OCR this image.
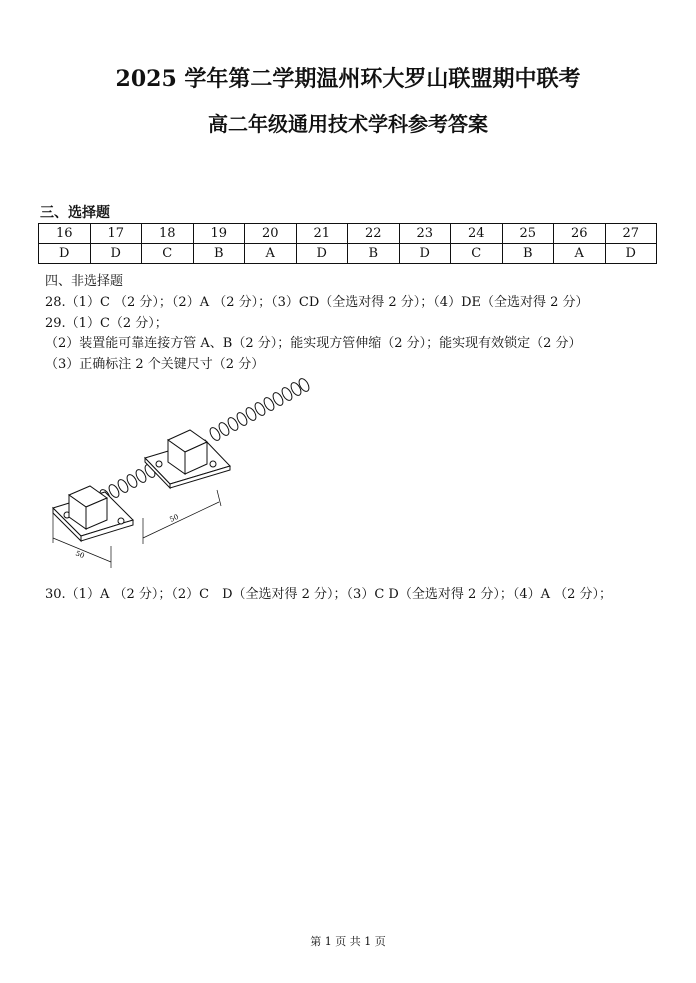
2025 学年第二学期温州环大罗山联盟期中联考
高二年级通用技术学科参考答案
三、选择题
16	17	18	19	20	21	22	23	24	25	26	27
D	D	C	B	A	D	B	D	C	B	A	D
四、非选择题
28.（1）C （2 分）；（2）A （2 分）；（3）CD（全选对得 2 分）；（4）DE（全选对得 2 分）
29.（1）C（2 分）；
（2）装置能可靠连接方管 A、B（2 分）；能实现方管伸缩（2 分）；能实现有效锁定（2 分）
（3）正确标注 2 个关键尺寸（2 分）
50
50
30.（1）A （2 分）；（2）C　D（全选对得 2 分）；（3）C D（全选对得 2 分）；（4）A （2 分）；
第 1 页 共 1 页
